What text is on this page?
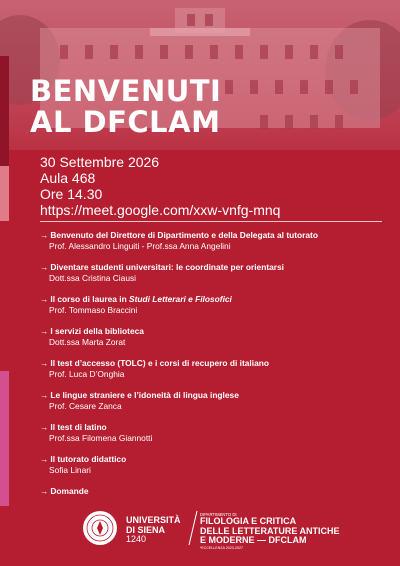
BENVENUTI
AL DFCLAM
30 Settembre 2026
Aula 468
Ore 14.30
https://meet.google.com/xxw-vnfg-mnq
→ Benvenuto del Direttore di Dipartimento e della Delegata al tutorato
Prof. Alessandro Linguiti - Prof.ssa Anna Angelini
→ Diventare studenti universitari: le coordinate per orientarsi
Dott.ssa Cristina Ciausi
→ Il corso di laurea in Studi Letterari e Filosofici
Prof. Tommaso Braccini
→ I servizi della biblioteca
Dott.ssa Marta Zorat
→ Il test d’accesso (TOLC) e i corsi di recupero di italiano
Prof. Luca D’Onghia
→ Le lingue straniere e l’idoneità di lingua inglese
Prof. Cesare Zanca
→ Il test di latino
Prof.ssa Filomena Giannotti
→ Il tutorato didattico
Sofia Linari
→ Domande
UNIVERSITÀ
DI SIENA
1240
DIPARTIMENTO DI
FILOLOGIA E CRITICA
DELLE LETTERATURE ANTICHE
E MODERNE — DFCLAM
*ECCELLENZA 2023-2027
